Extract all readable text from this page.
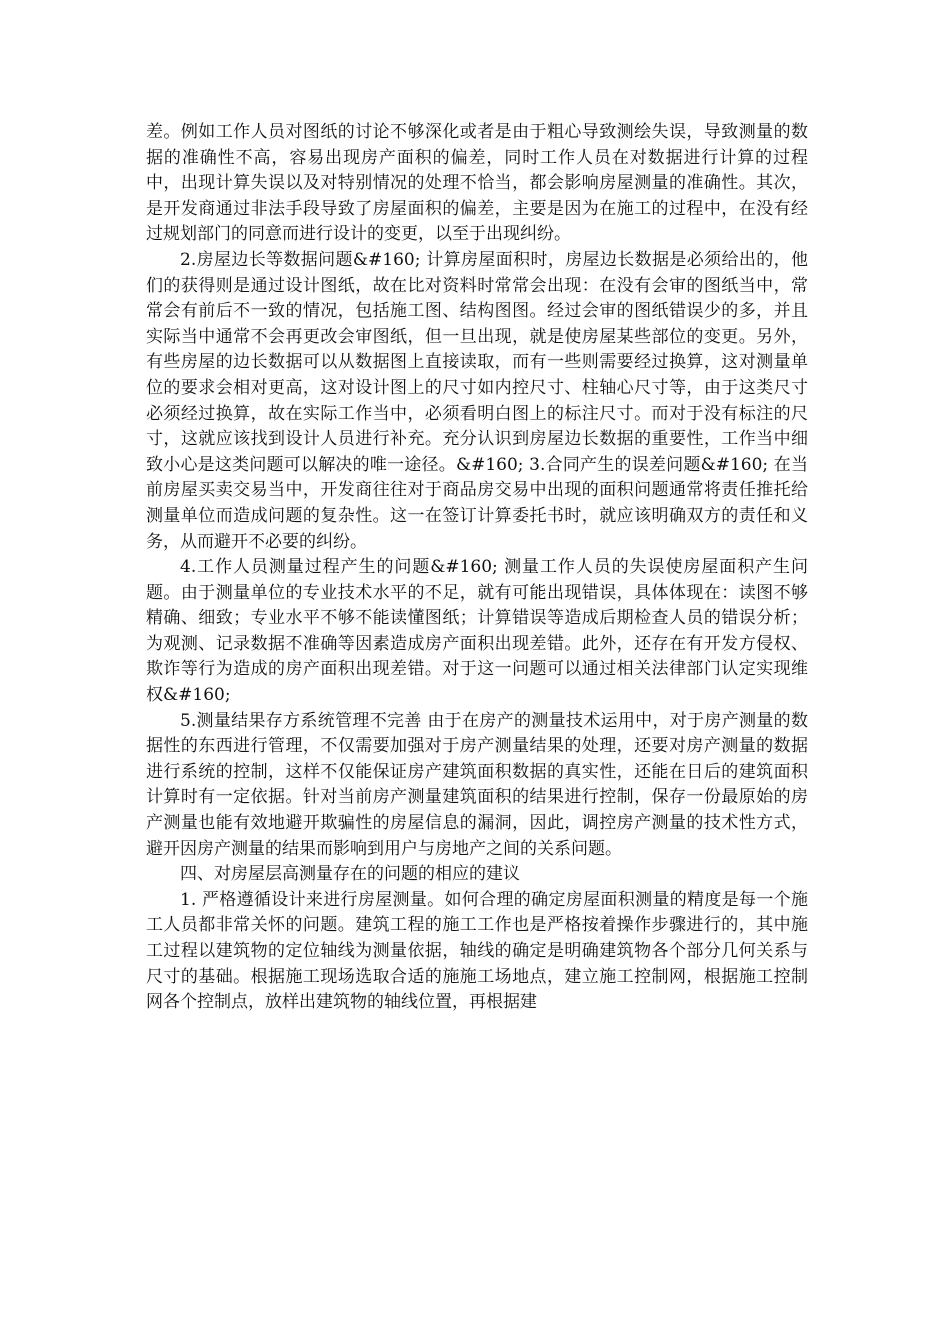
差。例如工作人员对图纸的讨论不够深化或者是由于粗心导致测绘失误，导致测量的数据的准确性不高，容易出现房产面积的偏差，同时工作人员在对数据进行计算的过程中，出现计算失误以及对特别情况的处理不恰当，都会影响房屋测量的准确性。其次，是开发商通过非法手段导致了房屋面积的偏差，主要是因为在施工的过程中，在没有经过规划部门的同意而进行设计的变更，以至于出现纠纷。

2.房屋边长等数据问题&#160; 计算房屋面积时，房屋边长数据是必须给出的，他们的获得则是通过设计图纸，故在比对资料时常常会出现：在没有会审的图纸当中，常常会有前后不一致的情况，包括施工图、结构图图。经过会审的图纸错误少的多，并且实际当中通常不会再更改会审图纸，但一旦出现，就是使房屋某些部位的变更。另外，有些房屋的边长数据可以从数据图上直接读取，而有一些则需要经过换算，这对测量单位的要求会相对更高，这对设计图上的尺寸如内控尺寸、柱轴心尺寸等，由于这类尺寸必须经过换算，故在实际工作当中，必须看明白图上的标注尺寸。而对于没有标注的尺寸，这就应该找到设计人员进行补充。充分认识到房屋边长数据的重要性，工作当中细致小心是这类问题可以解决的唯一途径。&#160; 3.合同产生的误差问题&#160; 在当前房屋买卖交易当中，开发商往往对于商品房交易中出现的面积问题通常将责任推托给测量单位而造成问题的复杂性。这一在签订计算委托书时，就应该明确双方的责任和义务，从而避开不必要的纠纷。

4.工作人员测量过程产生的问题&#160; 测量工作人员的失误使房屋面积产生问题。由于测量单位的专业技术水平的不足，就有可能出现错误，具体体现在：读图不够精确、细致；专业水平不够不能读懂图纸；计算错误等造成后期检查人员的错误分析；为观测、记录数据不准确等因素造成房产面积出现差错。此外，还存在有开发方侵权、欺诈等行为造成的房产面积出现差错。对于这一问题可以通过相关法律部门认定实现维权&#160;

5.测量结果存方系统管理不完善 由于在房产的测量技术运用中，对于房产测量的数据性的东西进行管理，不仅需要加强对于房产测量结果的处理，还要对房产测量的数据进行系统的控制，这样不仅能保证房产建筑面积数据的真实性，还能在日后的建筑面积计算时有一定依据。针对当前房产测量建筑面积的结果进行控制，保存一份最原始的房产测量也能有效地避开欺骗性的房屋信息的漏洞，因此，调控房产测量的技术性方式，避开因房产测量的结果而影响到用户与房地产之间的关系问题。

四、对房屋层高测量存在的问题的相应的建议

1. 严格遵循设计来进行房屋测量。如何合理的确定房屋面积测量的精度是每一个施工人员都非常关怀的问题。建筑工程的施工工作也是严格按着操作步骤进行的，其中施工过程以建筑物的定位轴线为测量依据，轴线的确定是明确建筑物各个部分几何关系与尺寸的基础。根据施工现场选取合适的施施工场地点，建立施工控制网，根据施工控制网各个控制点，放样出建筑物的轴线位置，再根据建
